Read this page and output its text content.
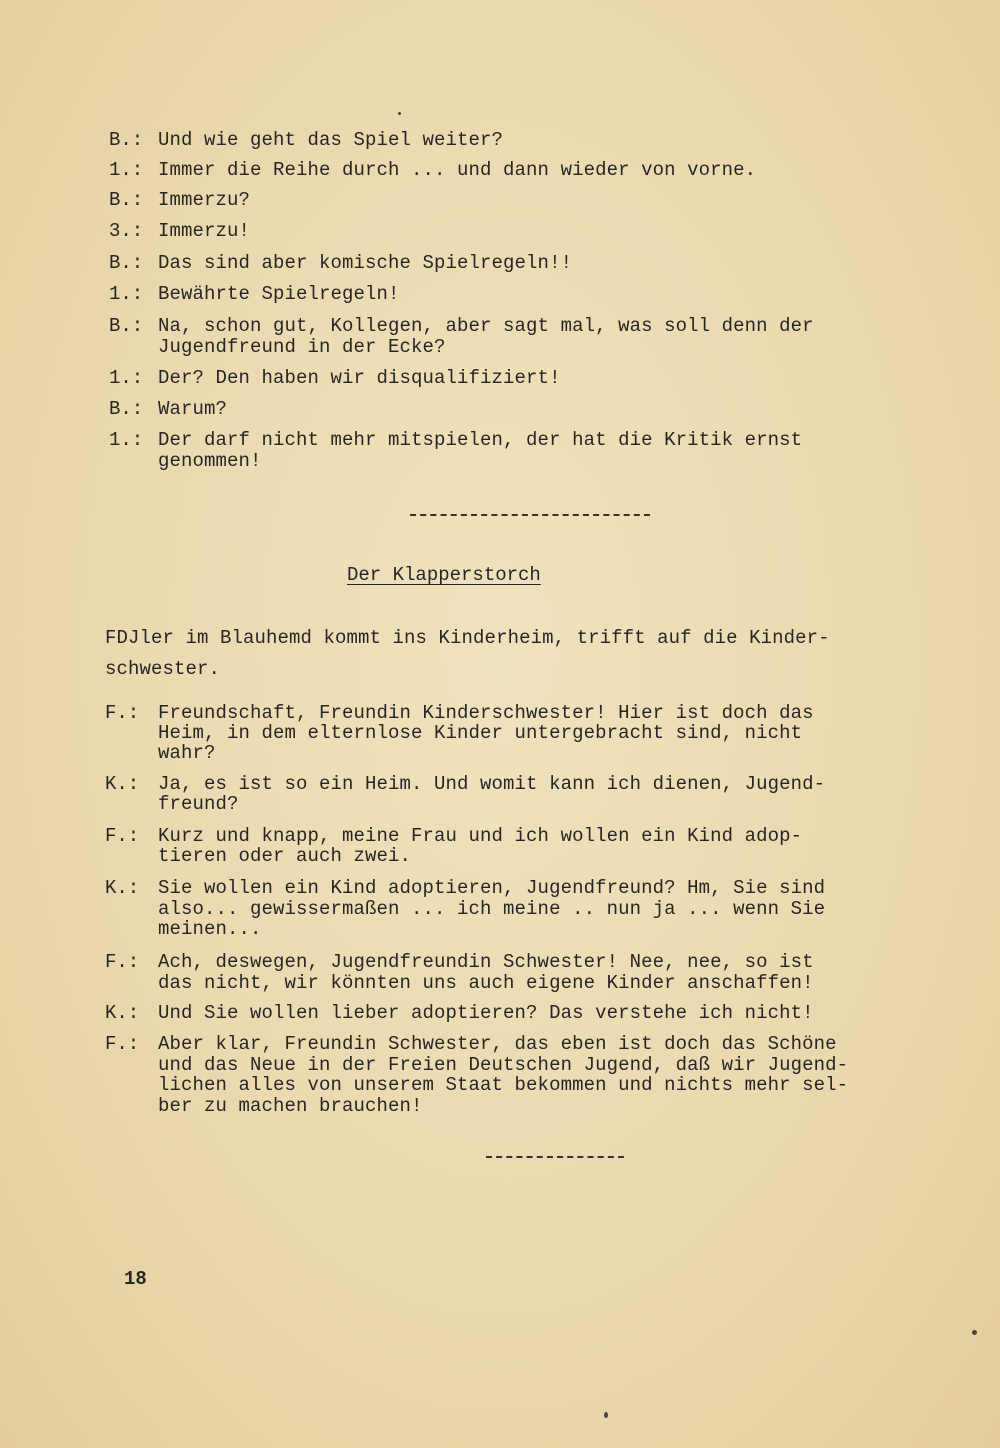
B.: Und wie geht das Spiel weiter?
1.: Immer die Reihe durch ... und dann wieder von vorne.
B.: Immerzu?
3.: Immerzu!
B.: Das sind aber komische Spielregeln!!
1.: Bewährte Spielregeln!
B.: Na, schon gut, Kollegen, aber sagt mal, was soll denn der
Jugendfreund in der Ecke?
1.: Der? Den haben wir disqualifiziert!
B.: Warum?
1.: Der darf nicht mehr mitspielen, der hat die Kritik ernst
genommen!
Der Klapperstorch
FDJler im Blauhemd kommt ins Kinderheim, trifft auf die Kinder-
schwester.
F.: Freundschaft, Freundin Kinderschwester! Hier ist doch das
Heim, in dem elternlose Kinder untergebracht sind, nicht
wahr?
K.: Ja, es ist so ein Heim. Und womit kann ich dienen, Jugend-
freund?
F.: Kurz und knapp, meine Frau und ich wollen ein Kind adop-
tieren oder auch zwei.
K.: Sie wollen ein Kind adoptieren, Jugendfreund? Hm, Sie sind
also... gewissermaßen ... ich meine .. nun ja ... wenn Sie
meinen...
F.: Ach, deswegen, Jugendfreundin Schwester! Nee, nee, so ist
das nicht, wir könnten uns auch eigene Kinder anschaffen!
K.: Und Sie wollen lieber adoptieren? Das verstehe ich nicht!
F.: Aber klar, Freundin Schwester, das eben ist doch das Schöne
und das Neue in der Freien Deutschen Jugend, daß wir Jugend-
lichen alles von unserem Staat bekommen und nichts mehr sel-
ber zu machen brauchen!
18
